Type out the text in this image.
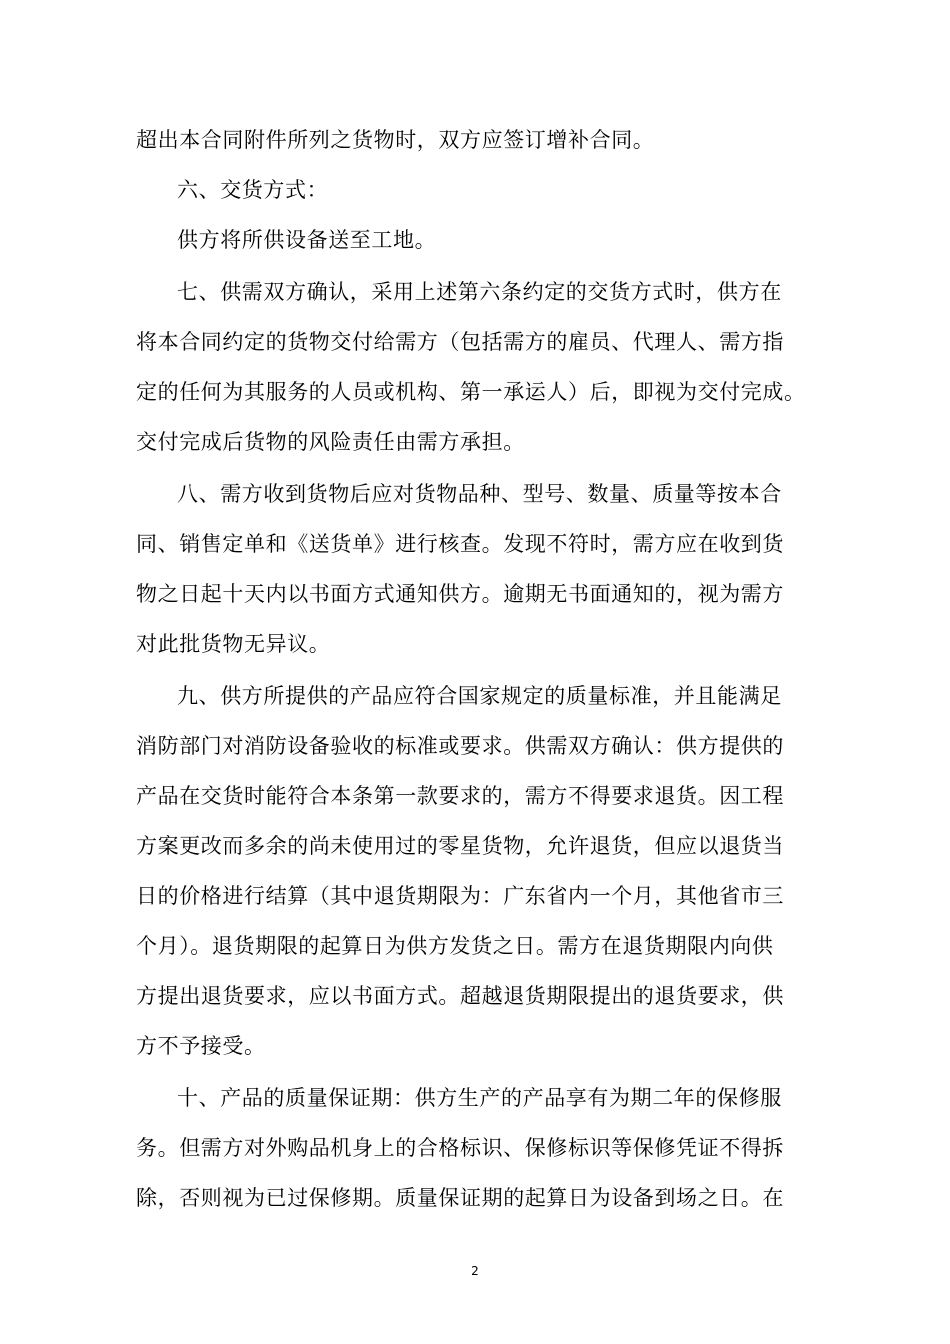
超出本合同附件所列之货物时，双方应签订增补合同。
六、交货方式：
供方将所供设备送至工地。
七、供需双方确认，采用上述第六条约定的交货方式时，供方在
将本合同约定的货物交付给需方（包括需方的雇员、代理人、需方指
定的任何为其服务的人员或机构、第一承运人）后，即视为交付完成。
交付完成后货物的风险责任由需方承担。
八、需方收到货物后应对货物品种、型号、数量、质量等按本合
同、销售定单和《送货单》进行核查。发现不符时，需方应在收到货
物之日起十天内以书面方式通知供方。逾期无书面通知的，视为需方
对此批货物无异议。
九、供方所提供的产品应符合国家规定的质量标准，并且能满足
消防部门对消防设备验收的标准或要求。供需双方确认：供方提供的
产品在交货时能符合本条第一款要求的，需方不得要求退货。因工程
方案更改而多余的尚未使用过的零星货物，允许退货，但应以退货当
日的价格进行结算（其中退货期限为：广东省内一个月，其他省市三
个月）。退货期限的起算日为供方发货之日。需方在退货期限内向供
方提出退货要求，应以书面方式。超越退货期限提出的退货要求，供
方不予接受。
十、产品的质量保证期：供方生产的产品享有为期二年的保修服
务。但需方对外购品机身上的合格标识、保修标识等保修凭证不得拆
除，否则视为已过保修期。质量保证期的起算日为设备到场之日。在
2
